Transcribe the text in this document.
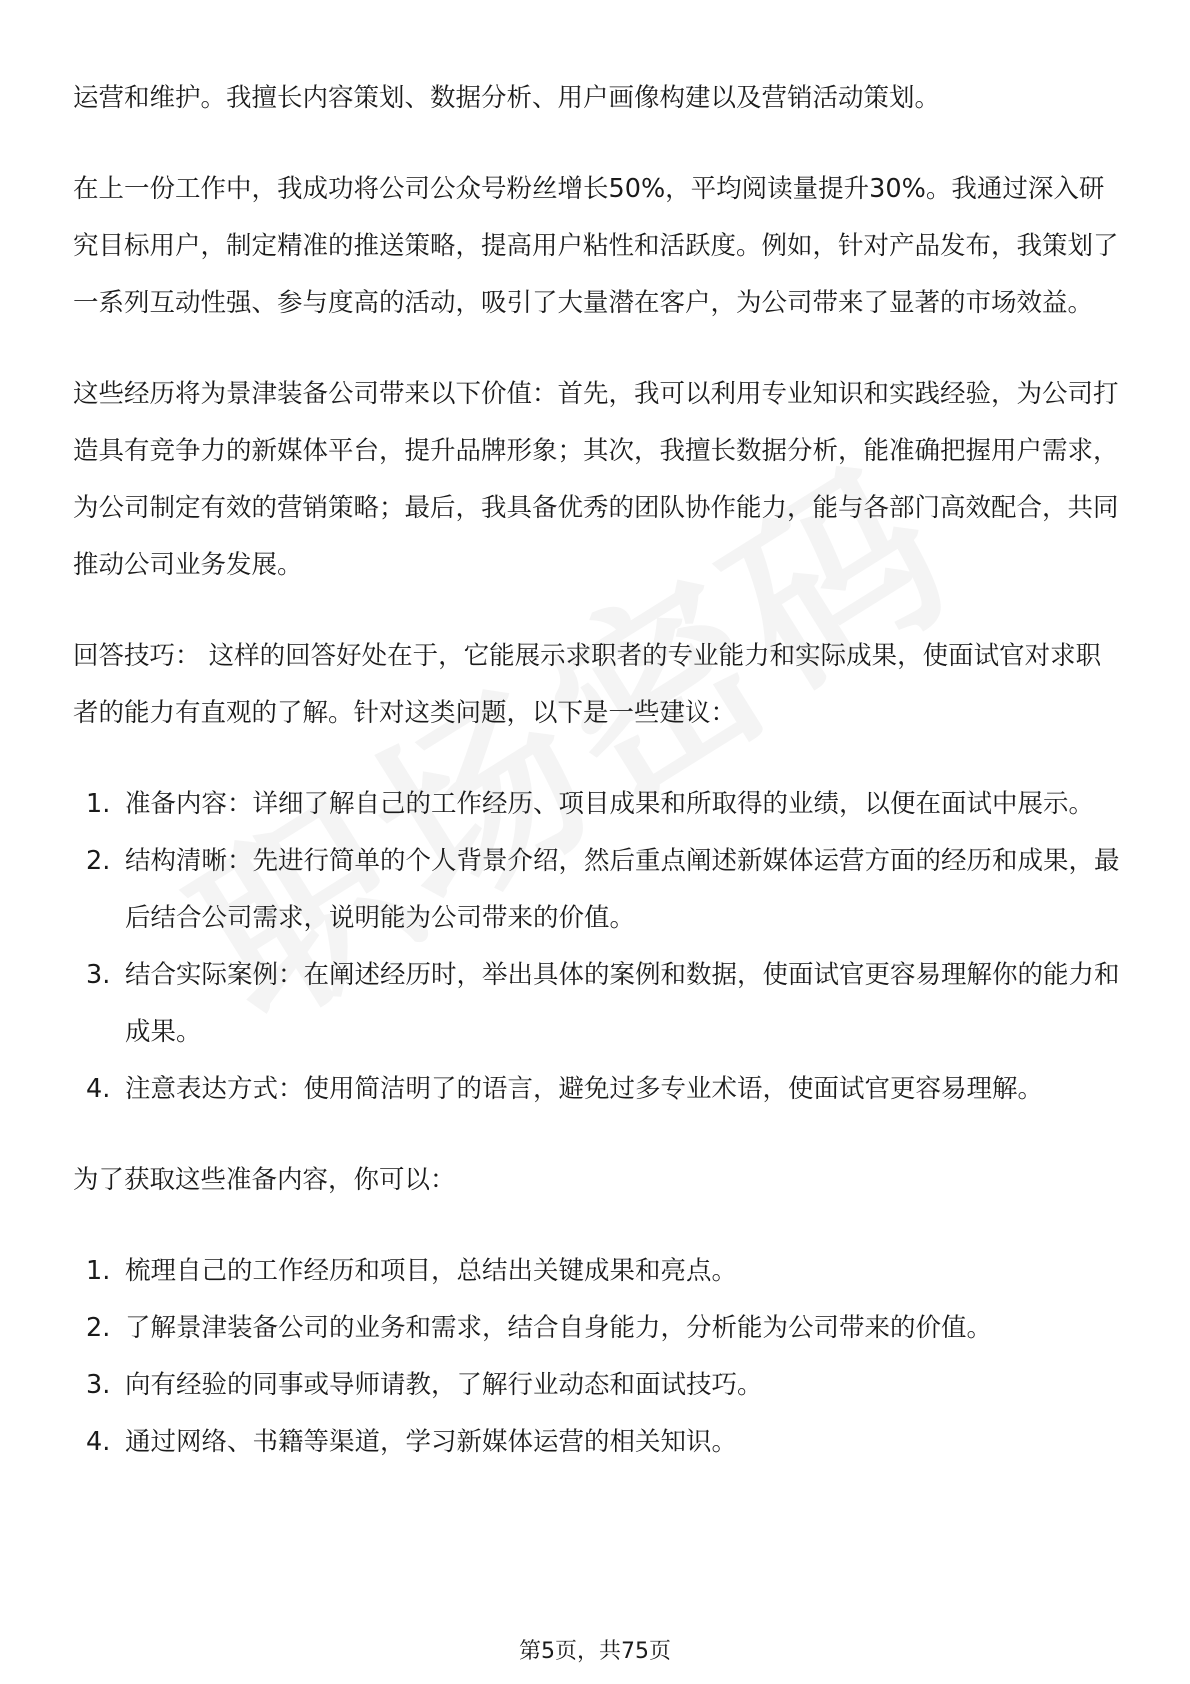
运营和维护。我擅长内容策划、数据分析、用户画像构建以及营销活动策划。

在上一份工作中，我成功将公司公众号粉丝增长50%，平均阅读量提升30%。我通过深入研究目标用户，制定精准的推送策略，提高用户粘性和活跃度。例如，针对产品发布，我策划了一系列互动性强、参与度高的活动，吸引了大量潜在客户，为公司带来了显著的市场效益。

这些经历将为景津装备公司带来以下价值：首先，我可以利用专业知识和实践经验，为公司打造具有竞争力的新媒体平台，提升品牌形象；其次，我擅长数据分析，能准确把握用户需求，为公司制定有效的营销策略；最后，我具备优秀的团队协作能力，能与各部门高效配合，共同推动公司业务发展。

回答技巧： 这样的回答好处在于，它能展示求职者的专业能力和实际成果，使面试官对求职者的能力有直观的了解。针对这类问题，以下是一些建议：

1. 准备内容：详细了解自己的工作经历、项目成果和所取得的业绩，以便在面试中展示。
2. 结构清晰：先进行简单的个人背景介绍，然后重点阐述新媒体运营方面的经历和成果，最后结合公司需求，说明能为公司带来的价值。
3. 结合实际案例：在阐述经历时，举出具体的案例和数据，使面试官更容易理解你的能力和成果。
4. 注意表达方式：使用简洁明了的语言，避免过多专业术语，使面试官更容易理解。

为了获取这些准备内容，你可以：

1. 梳理自己的工作经历和项目，总结出关键成果和亮点。
2. 了解景津装备公司的业务和需求，结合自身能力，分析能为公司带来的价值。
3. 向有经验的同事或导师请教，了解行业动态和面试技巧。
4. 通过网络、书籍等渠道，学习新媒体运营的相关知识。
第5页，共75页
